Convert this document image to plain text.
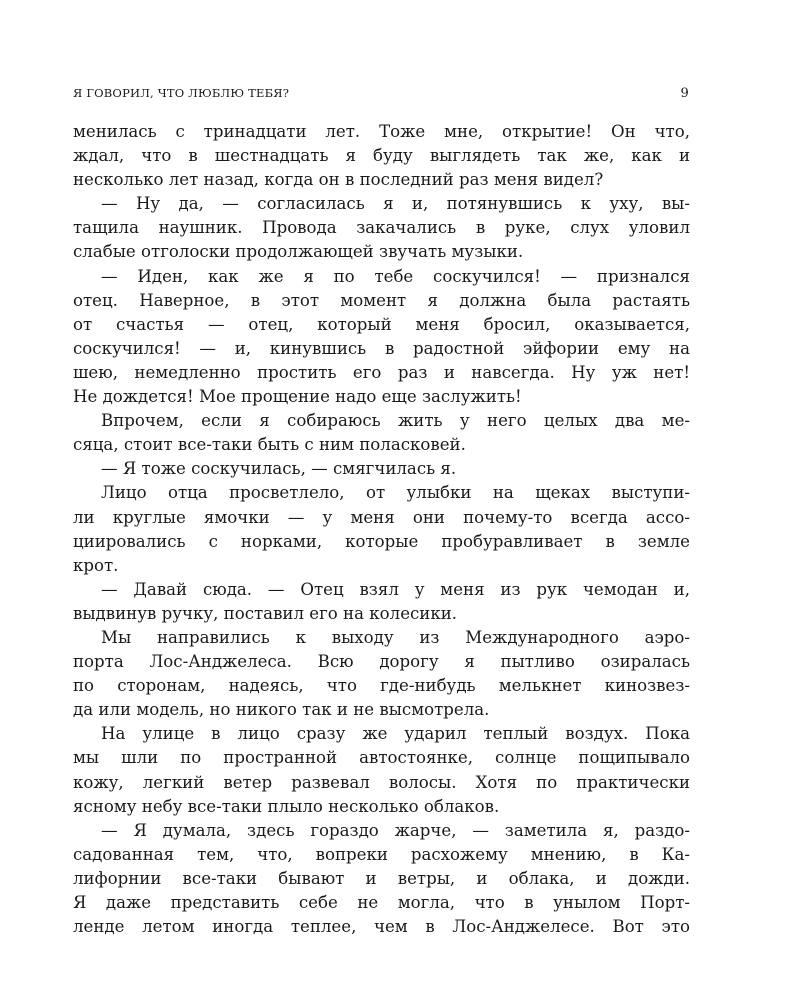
Я ГОВОРИЛ, ЧТО ЛЮБЛЮ ТЕБЯ?	9
менилась с тринадцати лет. Тоже мне, открытие! Он что,
ждал, что в шестнадцать я буду выглядеть так же, как и
несколько лет назад, когда он в последний раз меня видел?
— Ну да, — согласилась я и, потянувшись к уху, вы-
тащила наушник. Провода закачались в руке, слух уловил
слабые отголоски продолжающей звучать музыки.
— Иден, как же я по тебе соскучился! — признался
отец. Наверное, в этот момент я должна была растаять
от счастья — отец, который меня бросил, оказывается,
соскучился! — и, кинувшись в радостной эйфории ему на
шею, немедленно простить его раз и навсегда. Ну уж нет!
Не дождется! Мое прощение надо еще заслужить!
Впрочем, если я собираюсь жить у него целых два ме-
сяца, стоит все-таки быть с ним поласковей.
— Я тоже соскучилась, — смягчилась я.
Лицо отца просветлело, от улыбки на щеках выступи-
ли круглые ямочки — у меня они почему-то всегда ассо-
циировались с норками, которые пробуравливает в земле
крот.
— Давай сюда. — Отец взял у меня из рук чемодан и,
выдвинув ручку, поставил его на колесики.
Мы направились к выходу из Международного аэро-
порта Лос-Анджелеса. Всю дорогу я пытливо озиралась
по сторонам, надеясь, что где-нибудь мелькнет кинозвез-
да или модель, но никого так и не высмотрела.
На улице в лицо сразу же ударил теплый воздух. Пока
мы шли по пространной автостоянке, солнце пощипывало
кожу, легкий ветер развевал волосы. Хотя по практически
ясному небу все-таки плыло несколько облаков.
— Я думала, здесь гораздо жарче, — заметила я, раздо-
садованная тем, что, вопреки расхожему мнению, в Ка-
лифорнии все-таки бывают и ветры, и облака, и дожди.
Я даже представить себе не могла, что в унылом Порт-
ленде летом иногда теплее, чем в Лос-Анджелесе. Вот это
